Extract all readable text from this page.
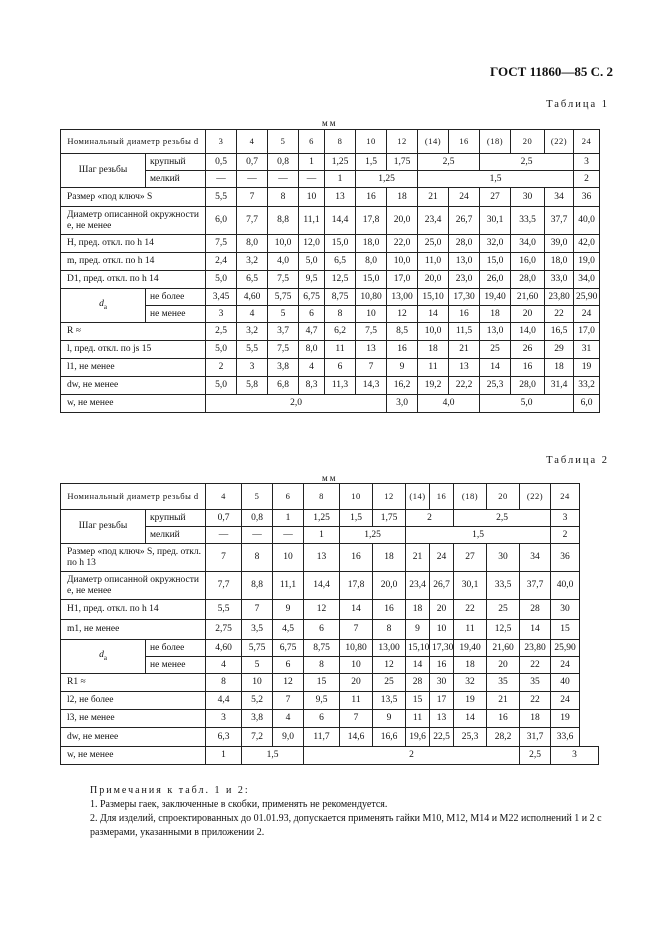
ГОСТ 11860—85 С. 2
Таблица 1
мм
Номинальный диаметр резьбы d		3	4	5	6	8	10	12	(14)	16	(18)	20	(22)	24
Шаг резьбы	крупный	0,5	0,7	0,8	1	1,25	1,5	1,75	2,5		2,5			3
	мелкий	—	—	—	—	1	1,25		1,5					2
Размер «под ключ» S		5,5	7	8	10	13	16	18	21	24	27	30	34	36
Диаметр описанной окружности e, не менее		6,0	7,7	8,8	11,1	14,4	17,8	20,0	23,4	26,7	30,1	33,5	37,7	40,0
H, пред. откл. по h 14		7,5	8,0	10,0	12,0	15,0	18,0	22,0	25,0	28,0	32,0	34,0	39,0	42,0
m, пред. откл. по h 14		2,4	3,2	4,0	5,0	6,5	8,0	10,0	11,0	13,0	15,0	16,0	18,0	19,0
D1, пред. откл. по h 14		5,0	6,5	7,5	9,5	12,5	15,0	17,0	20,0	23,0	26,0	28,0	33,0	34,0
$d_a$	не более	3,45	4,60	5,75	6,75	8,75	10,80	13,00	15,10	17,30	19,40	21,60	23,80	25,90
	не менее	3	4	5	6	8	10	12	14	16	18	20	22	24
R ≈		2,5	3,2	3,7	4,7	6,2	7,5	8,5	10,0	11,5	13,0	14,0	16,5	17,0
l, пред. откл. по js 15		5,0	5,5	7,5	8,0	11	13	16	18	21	25	26	29	31
l1, не менее		2	3	3,8	4	6	7	9	11	13	14	16	18	19
dw, не менее		5,0	5,8	6,8	8,3	11,3	14,3	16,2	19,2	22,2	25,3	28,0	31,4	33,2
w, не менее		2,0						3,0	4,0		5,0			6,0
Таблица 2
мм
Номинальный диаметр резьбы d		4	5	6	8	10	12	(14)	16	(18)	20	(22)	24
Шаг резьбы	крупный	0,7	0,8	1	1,25	1,5	1,75	2		2,5			3
	мелкий	—	—	—	1	1,25		1,5					2
Размер «под ключ» S, пред. откл. по h 13		7	8	10	13	16	18	21	24	27	30	34	36
Диаметр описанной окружности e, не менее		7,7	8,8	11,1	14,4	17,8	20,0	23,4	26,7	30,1	33,5	37,7	40,0
H1, пред. откл. по h 14		5,5	7	9	12	14	16	18	20	22	25	28	30
m1, не менее		2,75	3,5	4,5	6	7	8	9	10	11	12,5	14	15
$d_a$	не более	4,60	5,75	6,75	8,75	10,80	13,00	15,10	17,30	19,40	21,60	23,80	25,90
	не менее	4	5	6	8	10	12	14	16	18	20	22	24
R1 ≈		8	10	12	15	20	25	28	30	32	35	35	40
l2, не более		4,4	5,2	7	9,5	11	13,5	15	17	19	21	22	24
l3, не менее		3	3,8	4	6	7	9	11	13	14	16	18	19
dw, не менее		6,3	7,2	9,0	11,7	14,6	16,6	19,6	22,5	25,3	28,2	31,7	33,6
w, не менее		1	1,5		2							2,5	3

Примечания к табл. 1 и 2:

1. Размеры гаек, заключенные в скобки, применять не рекомендуется.

2. Для изделий, спроектированных до 01.01.93, допускается применять гайки М10, М12, М14 и М22 исполнений 1 и 2 с размерами, указанными в приложении 2.
